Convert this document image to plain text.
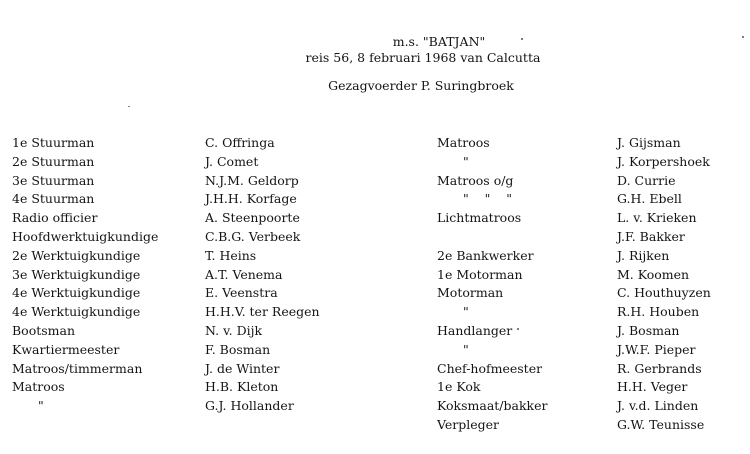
m.s. "BATJAN"
reis 56, 8 februari 1968 van Calcutta
Gezagvoerder P. Suringbroek
1e Stuurman
2e Stuurman
3e Stuurman
4e Stuurman
Radio officier
Hoofdwerktuigkundige
2e Werktuigkundige
3e Werktuigkundige
4e Werktuigkundige
4e Werktuigkundige
Bootsman
Kwartiermeester
Matroos/timmerman
Matroos
"
C. Offringa
J. Comet
N.J.M. Geldorp
J.H.H. Korfage
A. Steenpoorte
C.B.G. Verbeek
T. Heins
A.T. Venema
E. Veenstra
H.H.V. ter Reegen
N. v. Dijk
F. Bosman
J. de Winter
H.B. Kleton
G.J. Hollander
Matroos
"
Matroos o/g
"    "    "
Lichtmatroos
2e Bankwerker
1e Motorman
Motorman
"
Handlanger
"
Chef-hofmeester
1e Kok
Koksmaat/bakker
Verpleger
J. Gijsman
J. Korpershoek
D. Currie
G.H. Ebell
L. v. Krieken
J.F. Bakker
J. Rijken
M. Koomen
C. Houthuyzen
R.H. Houben
J. Bosman
J.W.F. Pieper
R. Gerbrands
H.H. Veger
J. v.d. Linden
G.W. Teunisse
